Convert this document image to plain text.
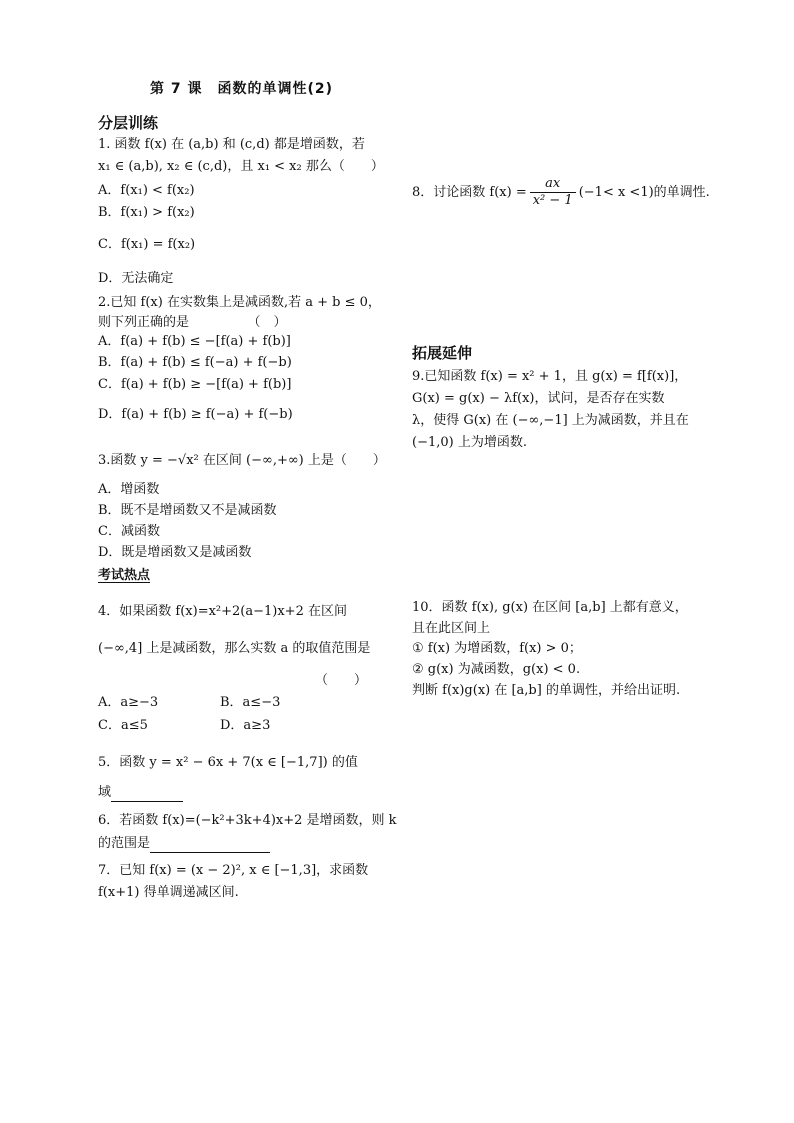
第 7 课　函数的单调性(2)
分层训练
1. 函数 f(x) 在 (a,b) 和 (c,d) 都是增函数，若
x₁ ∈ (a,b), x₂ ∈ (c,d)，且 x₁ < x₂ 那么（　　）
A．f(x₁) < f(x₂)
B．f(x₁) > f(x₂)
C．f(x₁) = f(x₂)
D．无法确定
2.已知 f(x) 在实数集上是减函数,若 a + b ≤ 0，
则下列正确的是　　　　　（　）
A．f(a) + f(b) ≤ −[f(a) + f(b)]
B．f(a) + f(b) ≤ f(−a) + f(−b)
C．f(a) + f(b) ≥ −[f(a) + f(b)]
D．f(a) + f(b) ≥ f(−a) + f(−b)
3.函数 y = −√x² 在区间 (−∞,+∞) 上是（　　）
A．增函数
B．既不是增函数又不是减函数
C．减函数
D．既是增函数又是减函数
考试热点
4．如果函数 f(x)=x²+2(a−1)x+2 在区间
(−∞,4] 上是减函数，那么实数 a 的取值范围是
（　　）
A．a≥−3	B．a≤−3
C．a≤5	D．a≥3
5．函数 y = x² − 6x + 7(x ∈ [−1,7]) 的值
域
6．若函数 f(x)=(−k²+3k+4)x+2 是增函数，则 k
的范围是
7．已知 f(x) = (x − 2)², x ∈ [−1,3]，求函数
f(x+1) 得单调递减区间.
8．讨论函数 $f(x) = \frac{ax}{\text{x² − 1}} (-1< x <1)$的单调性.
拓展延伸
9.已知函数 f(x) = x² + 1，且 g(x) = f[f(x)]，
G(x) = g(x) − λf(x)，试问，是否存在实数
λ，使得 G(x) 在 (−∞,−1] 上为减函数，并且在
(−1,0) 上为增函数.
10．函数 f(x), g(x) 在区间 [a,b] 上都有意义，
且在此区间上
① f(x) 为增函数，f(x) > 0；
② g(x) 为减函数，g(x) < 0.
判断 f(x)g(x) 在 [a,b] 的单调性，并给出证明.
